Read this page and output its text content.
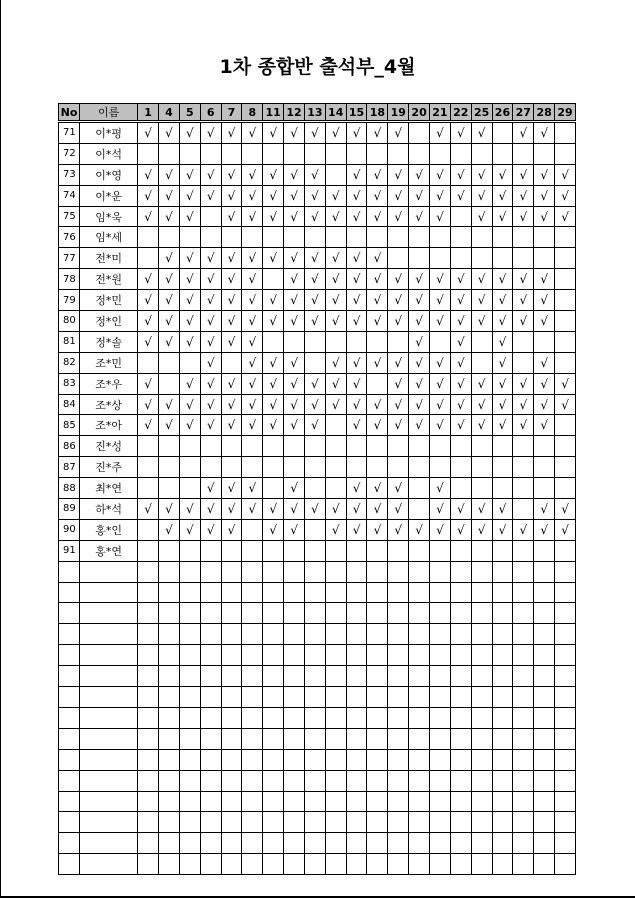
1차 종합반 출석부_4월
No	이름	1	4	5	6	7	8	11	12	13	14	15	18	19	20	21	22	25	26	27	28	29
71	이*평	√	√	√	√	√	√	√	√	√	√	√	√	√		√	√	√		√	√	
72	이*석																					
73	이*영	√	√	√	√	√	√	√	√	√		√	√	√	√	√	√	√	√	√	√	√
74	이*운	√	√	√	√	√	√	√	√	√	√	√	√	√	√	√	√	√	√	√	√	√
75	임*욱	√	√	√		√	√	√	√	√	√	√	√	√	√	√		√	√	√	√	√
76	임*세																					
77	전*미		√	√	√	√	√	√	√	√	√	√	√									
78	전*원	√	√	√	√	√	√		√	√	√	√	√	√	√	√	√	√	√	√	√	
79	정*민	√	√	√	√	√	√	√	√	√	√	√	√	√	√	√	√	√	√	√	√	
80	정*인	√	√	√	√	√	√	√	√	√	√	√	√	√	√	√	√	√	√	√	√	
81	정*솔	√	√	√	√	√	√								√		√		√			
82	조*민				√		√	√	√		√	√	√	√	√	√	√		√		√	
83	조*우	√		√	√	√	√	√	√	√	√	√		√	√	√	√	√	√	√	√	√
84	조*상	√	√	√	√	√	√	√	√	√	√	√	√	√	√	√	√	√	√	√	√	√
85	조*아	√	√	√	√	√	√	√	√	√		√	√	√	√	√	√	√	√	√	√	
86	진*성																					
87	진*주																					
88	최*연				√	√	√		√			√	√	√		√						
89	하*석	√	√	√	√	√	√	√	√	√	√	√	√	√		√	√	√	√		√	√
90	홍*인		√	√	√	√		√	√		√	√	√	√	√	√	√	√	√	√	√	√
91	홍*연																					
